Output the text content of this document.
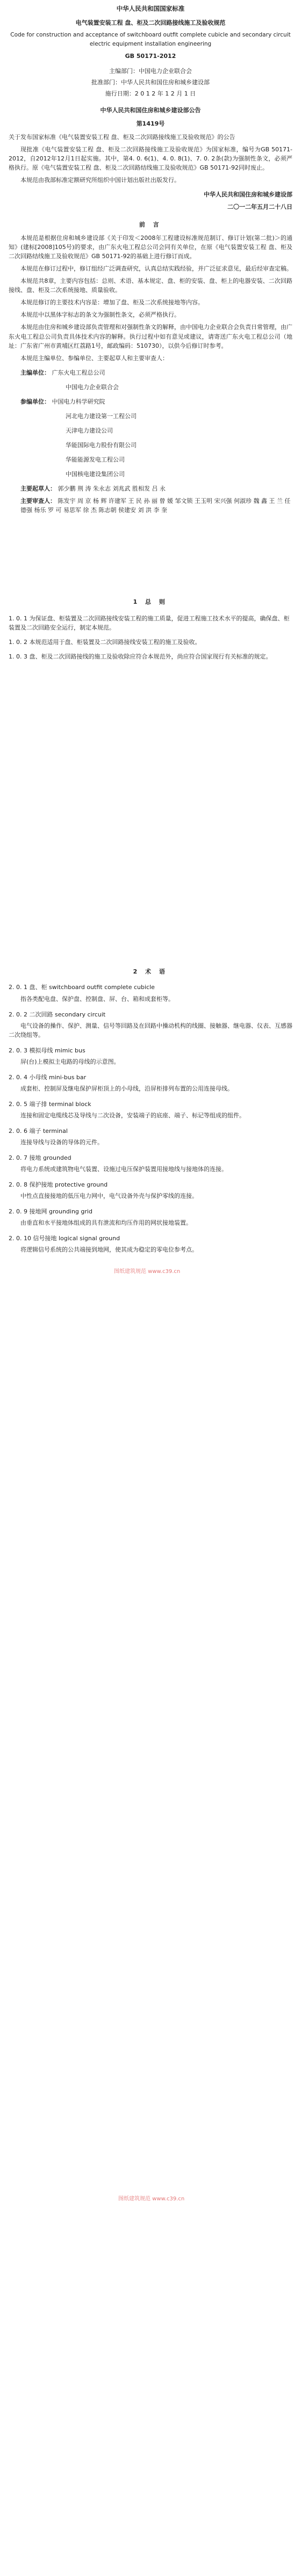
中华人民共和国国家标准

电气装置安装工程 盘、柜及二次回路接线施工及验收规范

Code for construction and acceptance of switchboard outfit complete cubicle and secondary circuit electric equipment installation engineering

GB 50171-2012

主编部门：中国电力企业联合会

批准部门：中华人民共和国住房和城乡建设部

施行日期：2 0 1 2 年 1 2 月 1 日

中华人民共和国住房和城乡建设部公告
第1419号

关于发布国家标准《电气装置安装工程 盘、柜及二次回路接线施工及验收规范》的公告

现批准《电气装置安装工程 盘、柜及二次回路接线施工及验收规范》为国家标准，编号为GB 50171-2012，自2012年12月1日起实施。其中，第4. 0. 6(1)、4. 0. 8(1)、7. 0. 2条(款)为强制性条文，必须严格执行。原《电气装置安装工程 盘、柜及二次回路结线施工及验收规范》GB 50171-92同时废止。

本规范由我部标准定额研究所组织中国计划出版社出版发行。

中华人民共和国住房和城乡建设部

二〇一二年五月二十八日

前 言

本规范是根据住房和城乡建设部《关于印发＜2008年工程建设标准规范制订、修订计划(第二批)＞的通知》(建标[2008]105号)的要求，由广东火电工程总公司会同有关单位，在原《电气装置安装工程 盘、柜及二次回路结线施工及验收规范》GB 50171-92的基础上进行修订而成。

本规范在修订过程中，修订组经广泛调查研究，认真总结实践经验，并广泛征求意见，最后经审查定稿。

本规范共8章，主要内容包括：总则、术语、基本规定、盘、柜的安装、盘、柜上的电器安装、二次回路接线、盘、柜及二次系统接地、质量验收。

本规范修订的主要技术内容是：增加了盘、柜及二次系统接地等内容。

本规范中以黑体字标志的条文为强制性条文，必须严格执行。

本规范由住房和城乡建设部负责管理和对强制性条文的解释，由中国电力企业联合会负责日常管理，由广东火电工程总公司负责具体技术内容的解释。执行过程中如有意见或建议，请寄送广东火电工程总公司（地址：广东省广州市黄埔区红荔路1号，邮政编码：510730），以供今后修订时参考。

本规范主编单位、参编单位、主要起草人和主要审查人：

主编单位： 广东火电工程总公司
中国电力企业联合会
参编单位： 中国电力科学研究院
河北电力建设第一工程公司
天津电力建设公司
华能国际电力股份有限公司
华能能源发电工程公司
中国核电建设集团公司
主要起草人： 郭少鹏 荆 涛 朱永志 刘兆武 胜相发 吕 永
主要审查人： 陈发宇 周 京 杨 辉 许建军 王 民 孙 丽 曾 媛 邹文锁 王玉明 宋兴强 何淑珍 魏 鑫 王 兰 任德强 杨乐 罗 可 易思军 徐 杰 陈志朝 侯建安 刘 洪 李 奎
1 总 则

1. 0. 1 为保证盘、柜装置及二次回路接线安装工程的施工质量，促进工程施工技术水平的提高，确保盘、柜装置及二次回路安全运行，制定本规范。

1. 0. 2 本规范适用于盘、柜装置及二次回路接线安装工程的施工及验收。

1. 0. 3 盘、柜及二次回路接线的施工及验收除应符合本规范外，尚应符合国家现行有关标准的规定。

2 术 语
2. 0. 1 盘、柜 switchboard outfit complete cubicle
指各类配电盘、保护盘、控制盘、屏、台、箱和成套柜等。
2. 0. 2 二次回路 secondary circuit
电气设备的操作、保护、测量、信号等回路及在回路中操动机构的线圈、接触器、继电器、仪表、互感器二次绕组等。
2. 0. 3 模拟母线 mimic bus
屏(台)上模拟主电路的母线的示意图。
2. 0. 4 小母线 mini-bus bar
成套柜、控制屏及继电保护屏柜顶上的小母线，沿屏柜排列布置的公用连接母线。
2. 0. 5 端子排 terminal block
连接和固定电缆线芯及导线与二次设备，安装端子的底座、端子、标记等组成的组件。
2. 0. 6 端子 terminal
连接导线与设备的导体的元件。
2. 0. 7 接地 grounded
将电力系统或建筑物电气装置、设施过电压保护装置用接地线与接地体的连接。
2. 0. 8 保护接地 protective ground
中性点直接接地的低压电力网中，电气设备外壳与保护零线的连接。
2. 0. 9 接地网 grounding grid
由垂直和水平接地体组成的具有泄流和均压作用的网状接地装置。
2. 0. 10 信号接地 logical signal ground
将逻辑信号系统的公共端接到地网，使其成为稳定的零电位参考点。
图纸建筑规范 www.c39.cn
图纸建筑规范 www.c39.cn
